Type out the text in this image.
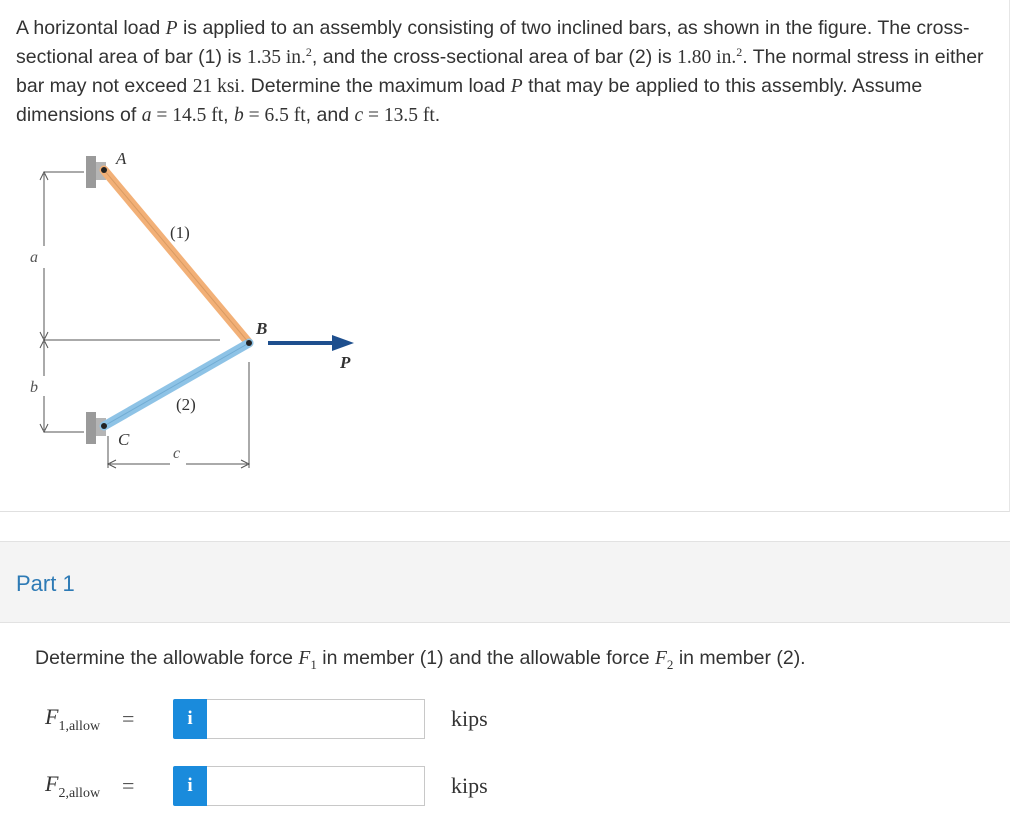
A horizontal load P is applied to an assembly consisting of two inclined bars, as shown in the figure. The cross-sectional area of bar (1) is 1.35 in.$^2$, and the cross-sectional area of bar (2) is 1.80 in.$^2$. The normal stress in either bar may not exceed 21 ksi. Determine the maximum load P that may be applied to this assembly. Assume dimensions of a = 14.5 ft, b = 6.5 ft, and c = 13.5 ft.

A
B
C
P
(1)
(2)
a
b
c
Part 1

Determine the allowable force $F_1$ in member (1) and the allowable force $F_2$ in member (2).

$F_{1,allow}$ =	i	kips
$F_{2,allow}$ =	i	kips
